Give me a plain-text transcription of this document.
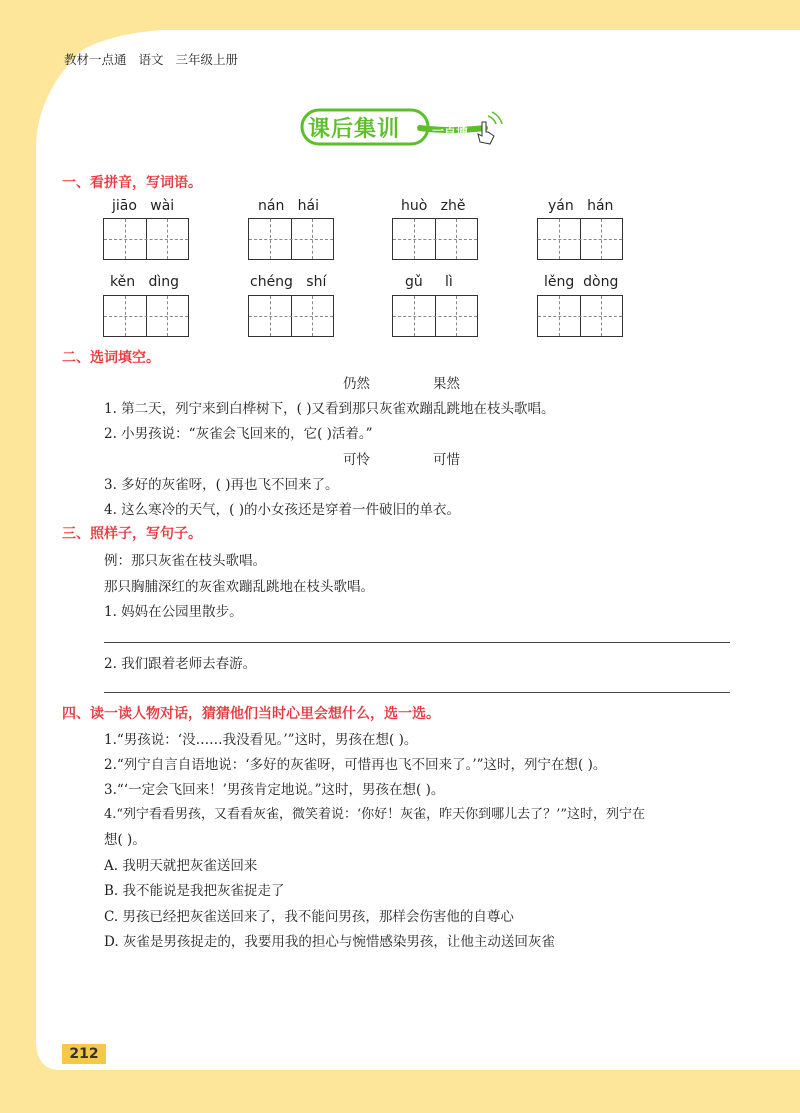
教材一点通 语文 三年级上册
课后集训	一点通
一、看拼音，写词语。
jiāo   wài	nán   hái	huò   zhě	yán   hán
kěn   dìng	chéng   shí	gǔ     lì	lěng  dòng
二、选词填空。
仍然	果然
1. 第二天，列宁来到白桦树下，( )又看到那只灰雀欢蹦乱跳地在枝头歌唱。
2. 小男孩说：“灰雀会飞回来的，它( )活着。”
可怜	可惜
3. 多好的灰雀呀，( )再也飞不回来了。
4. 这么寒冷的天气，( )的小女孩还是穿着一件破旧的单衣。
三、照样子，写句子。
例：那只灰雀在枝头歌唱。
那只胸脯深红的灰雀欢蹦乱跳地在枝头歌唱。
1. 妈妈在公园里散步。
2. 我们跟着老师去春游。
四、读一读人物对话，猜猜他们当时心里会想什么，选一选。
1.“男孩说：‘没……我没看见。’”这时，男孩在想( )。
2.“列宁自言自语地说：‘多好的灰雀呀，可惜再也飞不回来了。’”这时，列宁在想( )。
3.“‘一定会飞回来！’男孩肯定地说。”这时，男孩在想( )。
4.“列宁看看男孩，又看看灰雀，微笑着说：‘你好！灰雀，昨天你到哪儿去了？’”这时，列宁在
想( )。
A. 我明天就把灰雀送回来
B. 我不能说是我把灰雀捉走了
C. 男孩已经把灰雀送回来了，我不能问男孩，那样会伤害他的自尊心
D. 灰雀是男孩捉走的，我要用我的担心与惋惜感染男孩，让他主动送回灰雀
212
